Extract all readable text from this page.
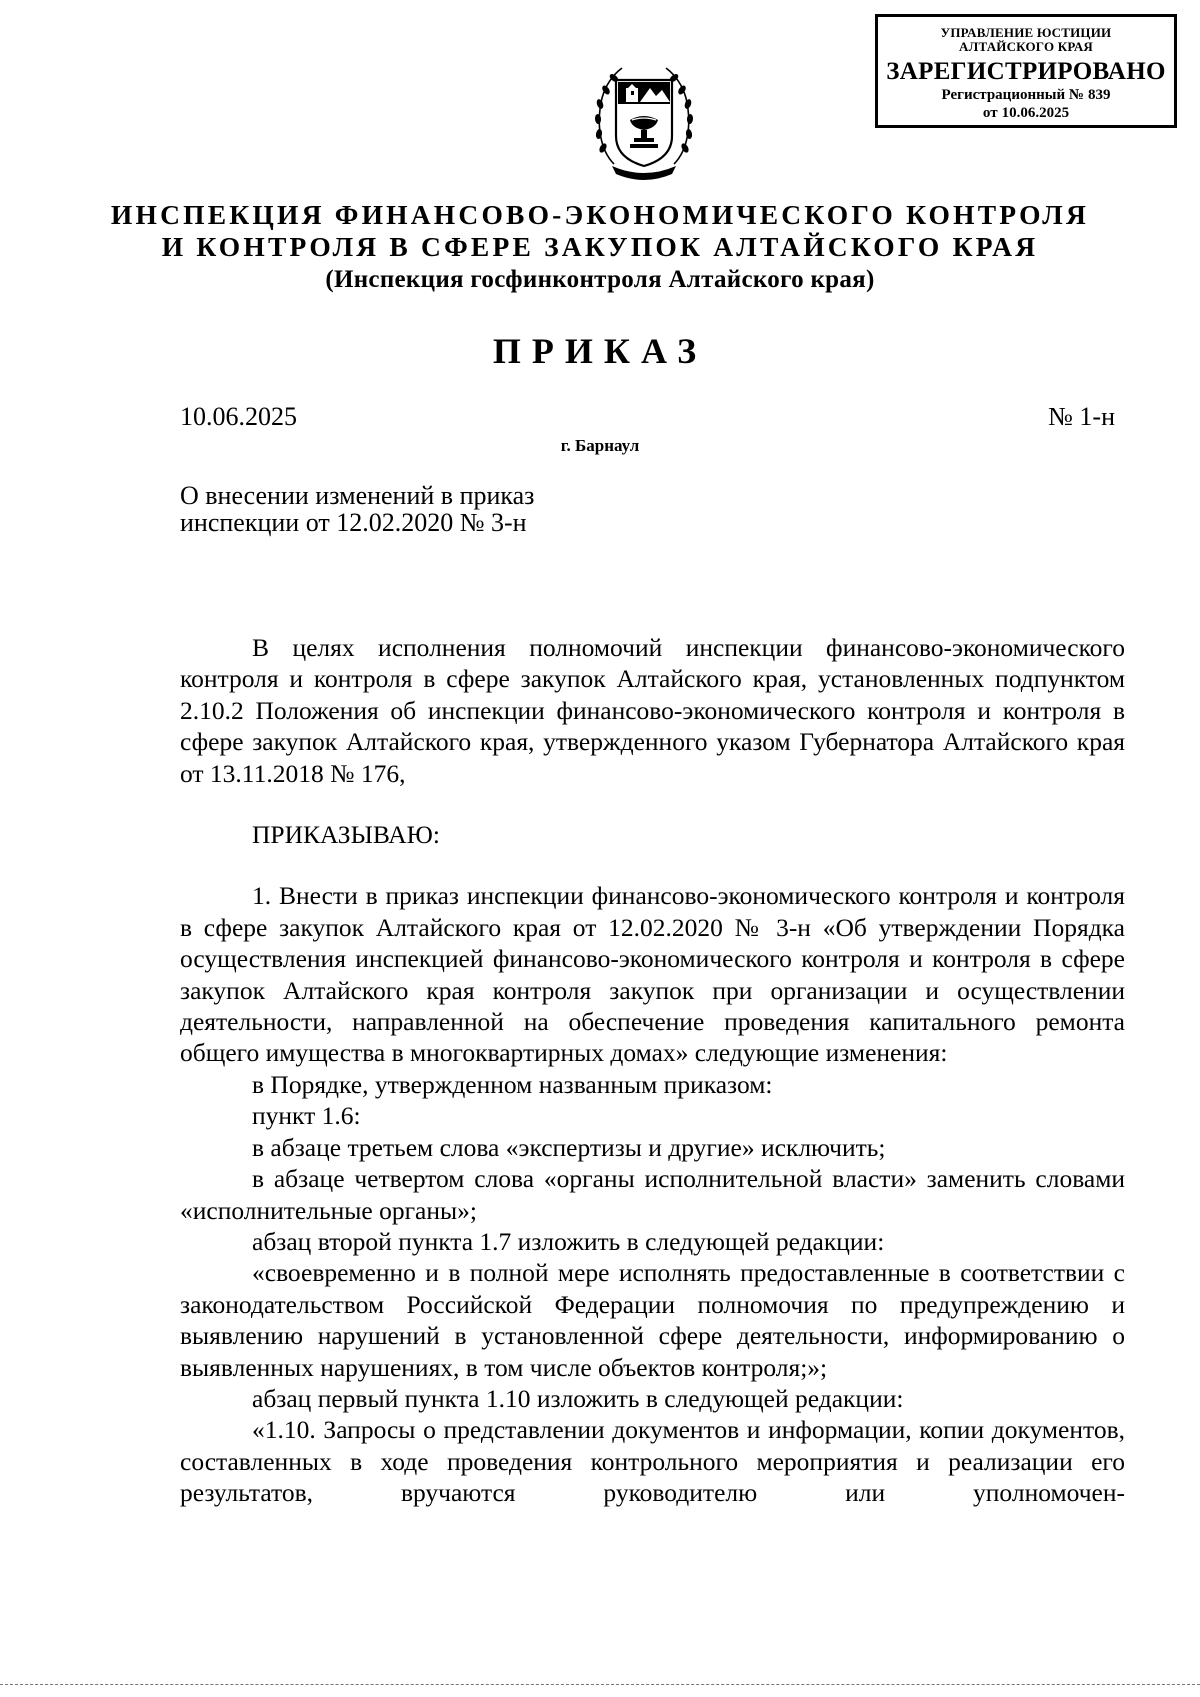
УПРАВЛЕНИЕ ЮСТИЦИИ
АЛТАЙСКОГО КРАЯ
ЗАРЕГИСТРИРОВАНО
Регистрационный № 839
от 10.06.2025
ИНСПЕКЦИЯ ФИНАНСОВО-ЭКОНОМИЧЕСКОГО КОНТРОЛЯ
И КОНТРОЛЯ В СФЕРЕ ЗАКУПОК АЛТАЙСКОГО КРАЯ
(Инспекция госфинконтроля Алтайского края)
ПРИКАЗ
10.06.2025	№ 1-н
г. Барнаул
О внесении изменений в приказ
инспекции от 12.02.2020 № 3-н

В целях исполнения полномочий инспекции финансово-экономического контроля и контроля в сфере закупок Алтайского края, установленных подпунктом 2.10.2 Положения об инспекции финансово-экономического контроля и контроля в сфере закупок Алтайского края, утвержденного указом Губернатора Алтайского края от 13.11.2018 № 176,

ПРИКАЗЫВАЮ:

1. Внести в приказ инспекции финансово-экономического контроля и контроля в сфере закупок Алтайского края от 12.02.2020 № 3-н «Об утверждении Порядка осуществления инспекцией финансово-экономического контроля и контроля в сфере закупок Алтайского края контроля закупок при организации и осуществлении деятельности, направленной на обеспечение проведения капитального ремонта общего имущества в многоквартирных домах» следующие изменения:

в Порядке, утвержденном названным приказом:

пункт 1.6:

в абзаце третьем слова «экспертизы и другие» исключить;

в абзаце четвертом слова «органы исполнительной власти» заменить словами «исполнительные органы»;

абзац второй пункта 1.7 изложить в следующей редакции:

«своевременно и в полной мере исполнять предоставленные в соответствии с законодательством Российской Федерации полномочия по предупреждению и выявлению нарушений в установленной сфере деятельности, информированию о выявленных нарушениях, в том числе объектов контроля;»;

абзац первый пункта 1.10 изложить в следующей редакции:

«1.10. Запросы о представлении документов и информации, копии документов, составленных в ходе проведения контрольного мероприятия и реализации его результатов, вручаются руководителю или уполномочен-
